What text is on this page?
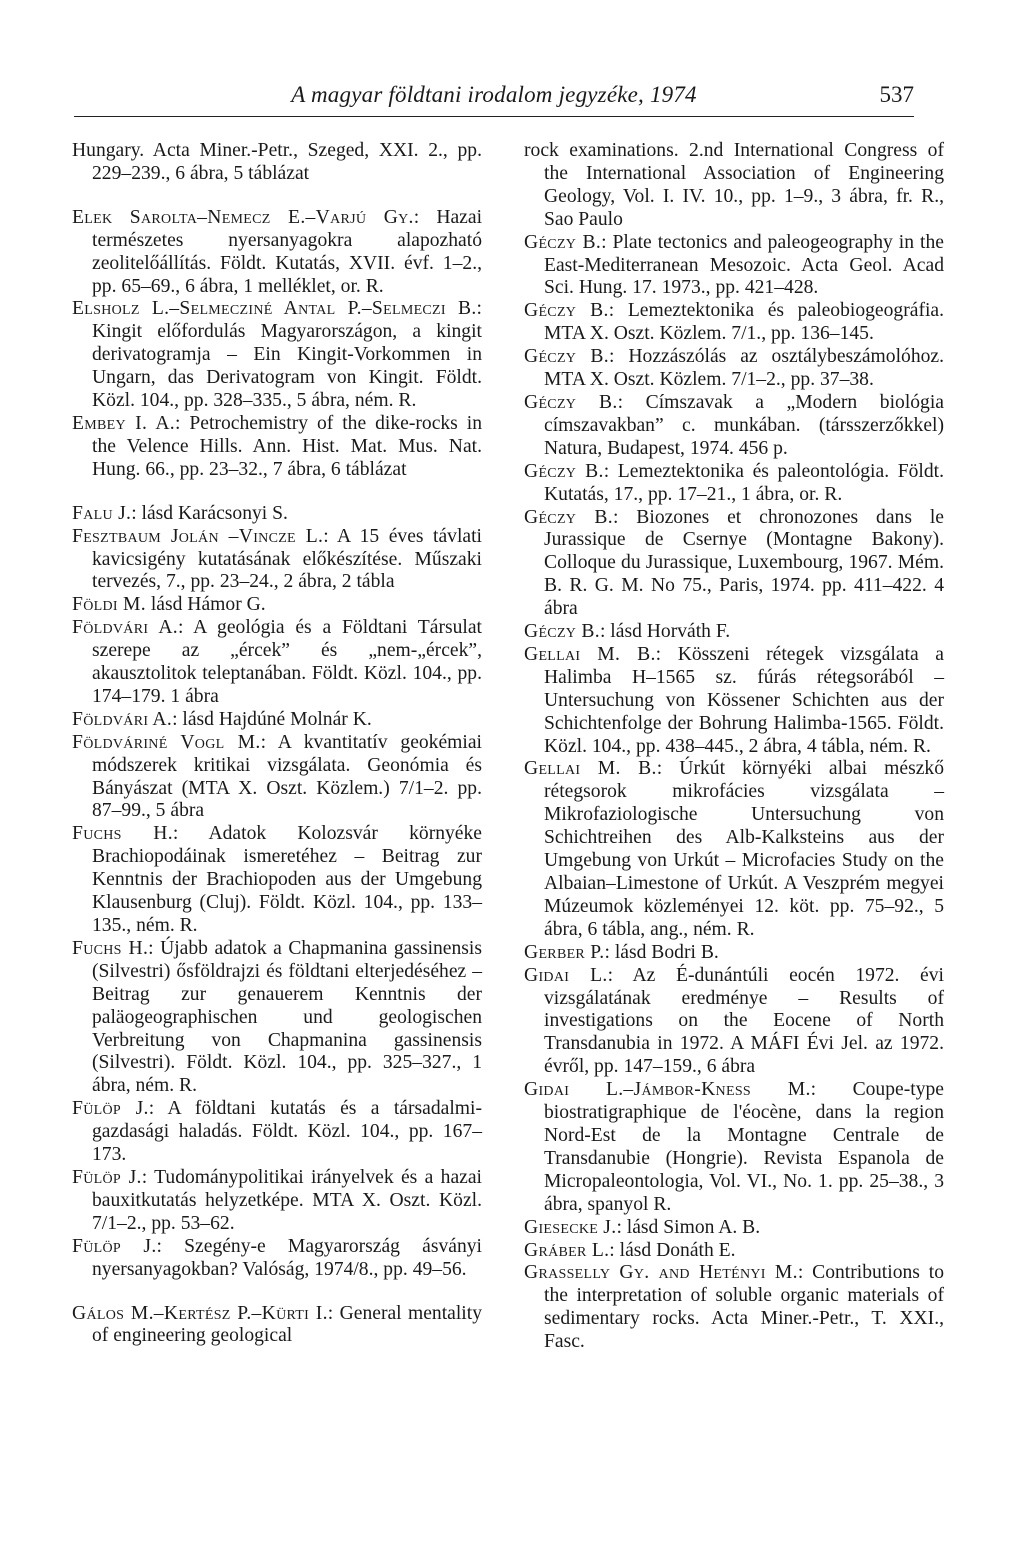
A magyar földtani irodalom jegyzéke, 1974	537

Hungary. Acta Miner.-Petr., Szeged, XXI. 2., pp. 229–239., 6 ábra, 5 táblázat

Elek Sarolta–Nemecz E.–Varjú Gy.: Hazai természetes nyersanyagokra alapozható zeolitelőállítás. Földt. Kutatás, XVII. évf. 1–2., pp. 65–69., 6 ábra, 1 melléklet, or. R.

Elsholz L.–Selmecziné Antal P.–Selmeczi B.: Kingit előfordulás Magyarországon, a kingit derivatogramja – Ein Kingit-Vorkommen in Ungarn, das Derivatogram von Kingit. Földt. Közl. 104., pp. 328–335., 5 ábra, ném. R.

Embey I. A.: Petrochemistry of the dike-rocks in the Velence Hills. Ann. Hist. Mat. Mus. Nat. Hung. 66., pp. 23–32., 7 ábra, 6 táblázat

Falu J.: lásd Karácsonyi S.

Fesztbaum Jolán –Vincze L.: A 15 éves távlati kavicsigény kutatásának előkészítése. Műszaki tervezés, 7., pp. 23–24., 2 ábra, 2 tábla

Földi M. lásd Hámor G.

Földvári A.: A geológia és a Földtani Társulat szerepe az „ércek” és „nem-„ércek”, akausztolitok teleptanában. Földt. Közl. 104., pp. 174–179. 1 ábra

Földvári A.: lásd Hajdúné Molnár K.

Földváriné Vogl M.: A kvantitatív geokémiai módszerek kritikai vizsgálata. Geonómia és Bányászat (MTA X. Oszt. Közlem.) 7/1–2. pp. 87–99., 5 ábra

Fuchs H.: Adatok Kolozsvár környéke Brachiopodáinak ismeretéhez – Beitrag zur Kenntnis der Brachiopoden aus der Umgebung Klausenburg (Cluj). Földt. Közl. 104., pp. 133–135., ném. R.

Fuchs H.: Újabb adatok a Chapmanina gassinensis (Silvestri) ősföldrajzi és földtani elterjedéséhez – Beitrag zur genauerem Kenntnis der paläogeographischen und geologischen Verbreitung von Chapmanina gassinensis (Silvestri). Földt. Közl. 104., pp. 325–327., 1 ábra, ném. R.

Fülöp J.: A földtani kutatás és a társadalmi-gazdasági haladás. Földt. Közl. 104., pp. 167–173.

Fülöp J.: Tudománypolitikai irányelvek és a hazai bauxitkutatás helyzetképe. MTA X. Oszt. Közl. 7/1–2., pp. 53–62.

Fülöp J.: Szegény-e Magyarország ásványi nyersanyagokban? Valóság, 1974/8., pp. 49–56.

Gálos M.–Kertész P.–Kürti I.: General mentality of engineering geological

rock examinations. 2.nd International Congress of the International Association of Engineering Geology, Vol. I. IV. 10., pp. 1–9., 3 ábra, fr. R., Sao Paulo

Géczy B.: Plate tectonics and paleogeography in the East-Mediterranean Mesozoic. Acta Geol. Acad Sci. Hung. 17. 1973., pp. 421–428.

Géczy B.: Lemeztektonika és paleobiogeográfia. MTA X. Oszt. Közlem. 7/1., pp. 136–145.

Géczy B.: Hozzászólás az osztálybeszámolóhoz. MTA X. Oszt. Közlem. 7/1–2., pp. 37–38.

Géczy B.: Címszavak a „Modern biológia címszavakban” c. munkában. (társszerzőkkel) Natura, Budapest, 1974. 456 p.

Géczy B.: Lemeztektonika és paleontológia. Földt. Kutatás, 17., pp. 17–21., 1 ábra, or. R.

Géczy B.: Biozones et chronozones dans le Jurassique de Csernye (Montagne Bakony). Colloque du Jurassique, Luxembourg, 1967. Mém. B. R. G. M. No 75., Paris, 1974. pp. 411–422. 4 ábra

Géczy B.: lásd Horváth F.

Gellai M. B.: Kösszeni rétegek vizsgálata a Halimba H–1565 sz. fúrás rétegsorából – Untersuchung von Kössener Schichten aus der Schichtenfolge der Bohrung Halimba-1565. Földt. Közl. 104., pp. 438–445., 2 ábra, 4 tábla, ném. R.

Gellai M. B.: Úrkút környéki albai mészkő rétegsorok mikrofácies vizsgálata – Mikrofaziologische Untersuchung von Schichtreihen des Alb-Kalksteins aus der Umgebung von Urkút – Microfacies Study on the Albaian–Limestone of Urkút. A Veszprém megyei Múzeumok közleményei 12. köt. pp. 75–92., 5 ábra, 6 tábla, ang., ném. R.

Gerber P.: lásd Bodri B.

Gidai L.: Az É-dunántúli eocén 1972. évi vizsgálatának eredménye – Results of investigations on the Eocene of North Transdanubia in 1972. A MÁFI Évi Jel. az 1972. évről, pp. 147–159., 6 ábra

Gidai L.–Jámbor-Kness M.: Coupe-type biostratigraphique de l'éocène, dans la region Nord-Est de la Montagne Centrale de Transdanubie (Hongrie). Revista Espanola de Micropaleontologia, Vol. VI., No. 1. pp. 25–38., 3 ábra, spanyol R.

Giesecke J.: lásd Simon A. B.

Gráber L.: lásd Donáth E.

Grasselly Gy. and Hetényi M.: Contributions to the interpretation of soluble organic materials of sedimentary rocks. Acta Miner.-Petr., T. XXI., Fasc.
